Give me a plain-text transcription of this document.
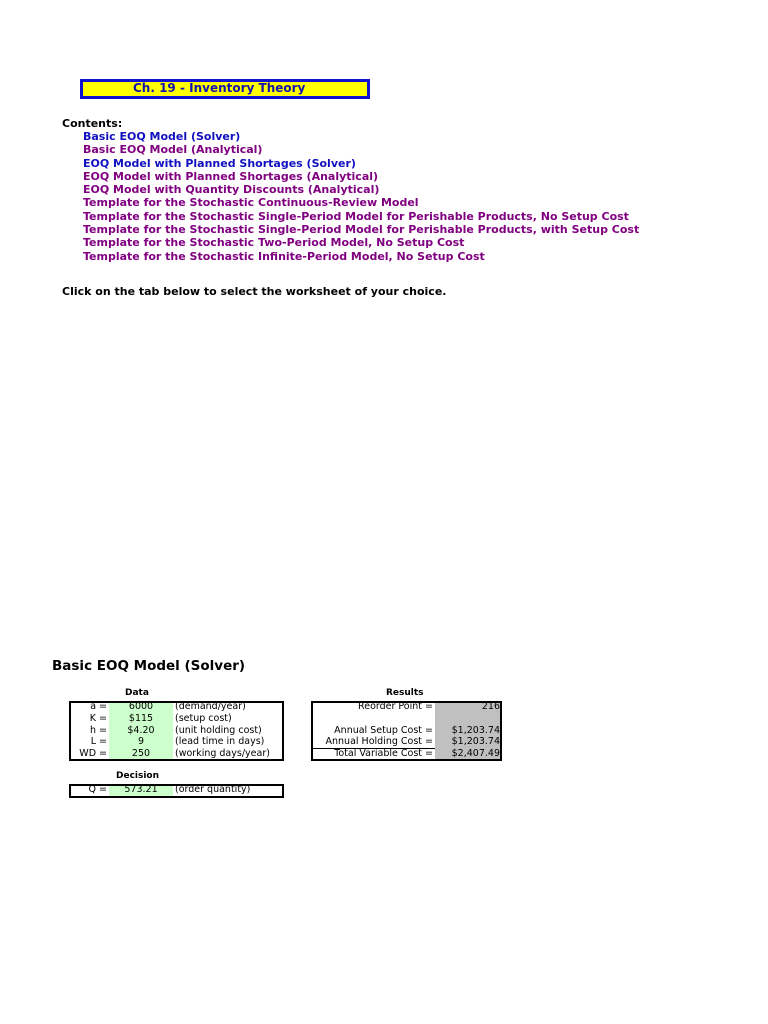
Ch. 19 - Inventory Theory
Contents:
Basic EOQ Model (Solver)
Basic EOQ Model (Analytical)
EOQ Model with Planned Shortages (Solver)
EOQ Model with Planned Shortages (Analytical)
EOQ Model with Quantity Discounts (Analytical)
Template for the Stochastic Continuous-Review Model
Template for the Stochastic Single-Period Model for Perishable Products, No Setup Cost
Template for the Stochastic Single-Period Model for Perishable Products, with Setup Cost
Template for the Stochastic Two-Period Model, No Setup Cost
Template for the Stochastic Infinite-Period Model, No Setup Cost
Click on the tab below to select the worksheet of your choice.
Basic EOQ Model (Solver)
Data
a =	6000	(demand/year)
K =	$115	(setup cost)
h =	$4.20	(unit holding cost)
L =	9	(lead time in days)
WD =	250	(working days/year)
Decision
Q =	573.21	(order quantity)
Results
Reorder Point =	216
Annual Setup Cost =	$1,203.74
Annual Holding Cost =	$1,203.74
Total Variable Cost =	$2,407.49
